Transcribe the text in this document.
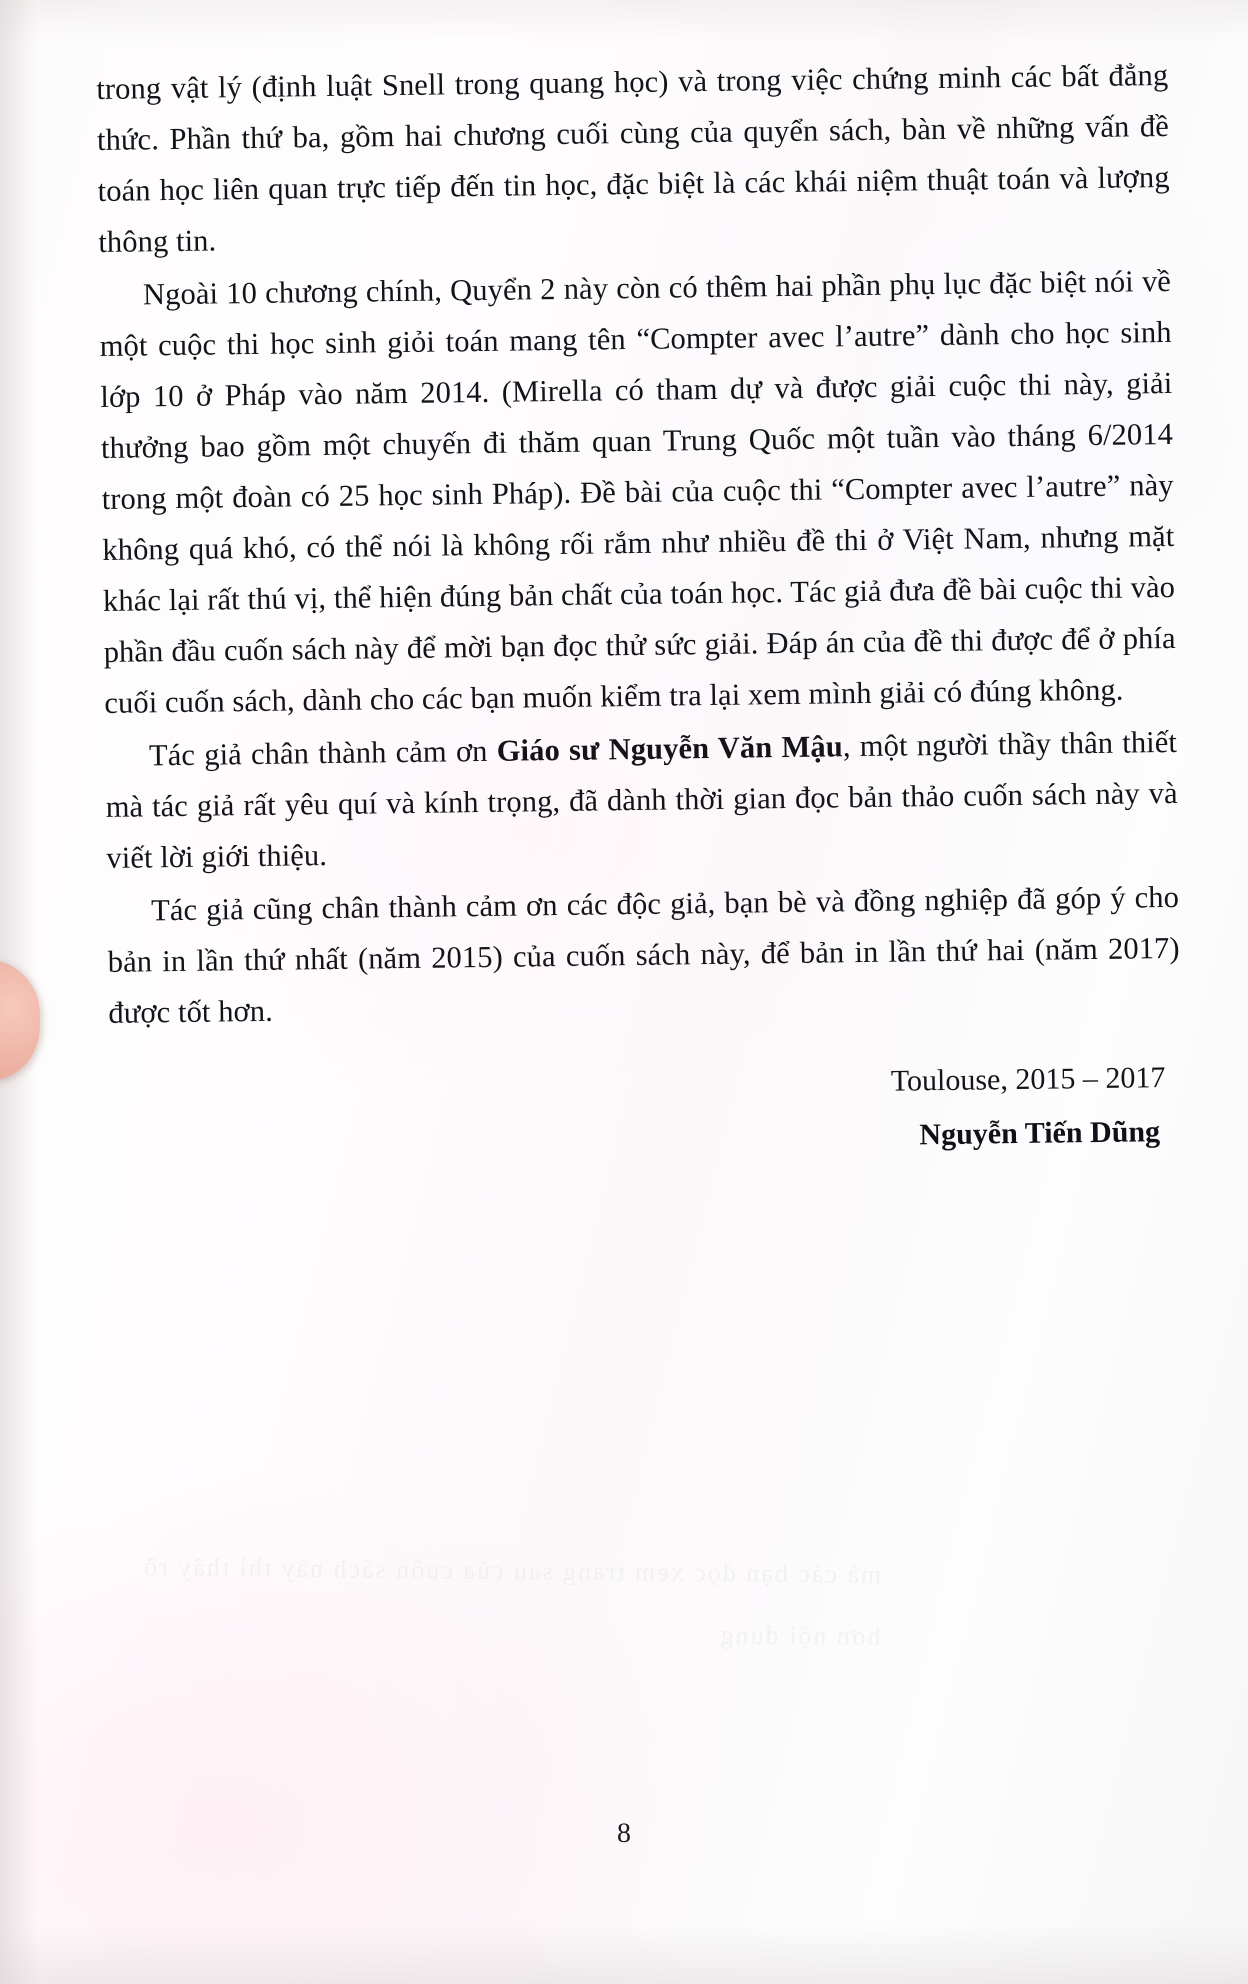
mà các bạn đọc xem trang sau của cuốn sách này thì thấy rõ hơn nội dung

trong vật lý (định luật Snell trong quang học) và trong việc chứng minh các bất đẳng thức. Phần thứ ba, gồm hai chương cuối cùng của quyển sách, bàn về những vấn đề toán học liên quan trực tiếp đến tin học, đặc biệt là các khái niệm thuật toán và lượng thông tin.

Ngoài 10 chương chính, Quyển 2 này còn có thêm hai phần phụ lục đặc biệt nói về một cuộc thi học sinh giỏi toán mang tên “Compter avec l’autre” dành cho học sinh lớp 10 ở Pháp vào năm 2014. (Mirella có tham dự và được giải cuộc thi này, giải thưởng bao gồm một chuyến đi thăm quan Trung Quốc một tuần vào tháng 6/2014 trong một đoàn có 25 học sinh Pháp). Đề bài của cuộc thi “Compter avec l’autre” này không quá khó, có thể nói là không rối rắm như nhiều đề thi ở Việt Nam, nhưng mặt khác lại rất thú vị, thể hiện đúng bản chất của toán học. Tác giả đưa đề bài cuộc thi vào phần đầu cuốn sách này để mời bạn đọc thử sức giải. Đáp án của đề thi được để ở phía cuối cuốn sách, dành cho các bạn muốn kiểm tra lại xem mình giải có đúng không.

Tác giả chân thành cảm ơn Giáo sư Nguyễn Văn Mậu, một người thầy thân thiết mà tác giả rất yêu quí và kính trọng, đã dành thời gian đọc bản thảo cuốn sách này và viết lời giới thiệu.

Tác giả cũng chân thành cảm ơn các độc giả, bạn bè và đồng nghiệp đã góp ý cho bản in lần thứ nhất (năm 2015) của cuốn sách này, để bản in lần thứ hai (năm 2017) được tốt hơn.

Toulouse, 2015 – 2017
Nguyễn Tiến Dũng
8
